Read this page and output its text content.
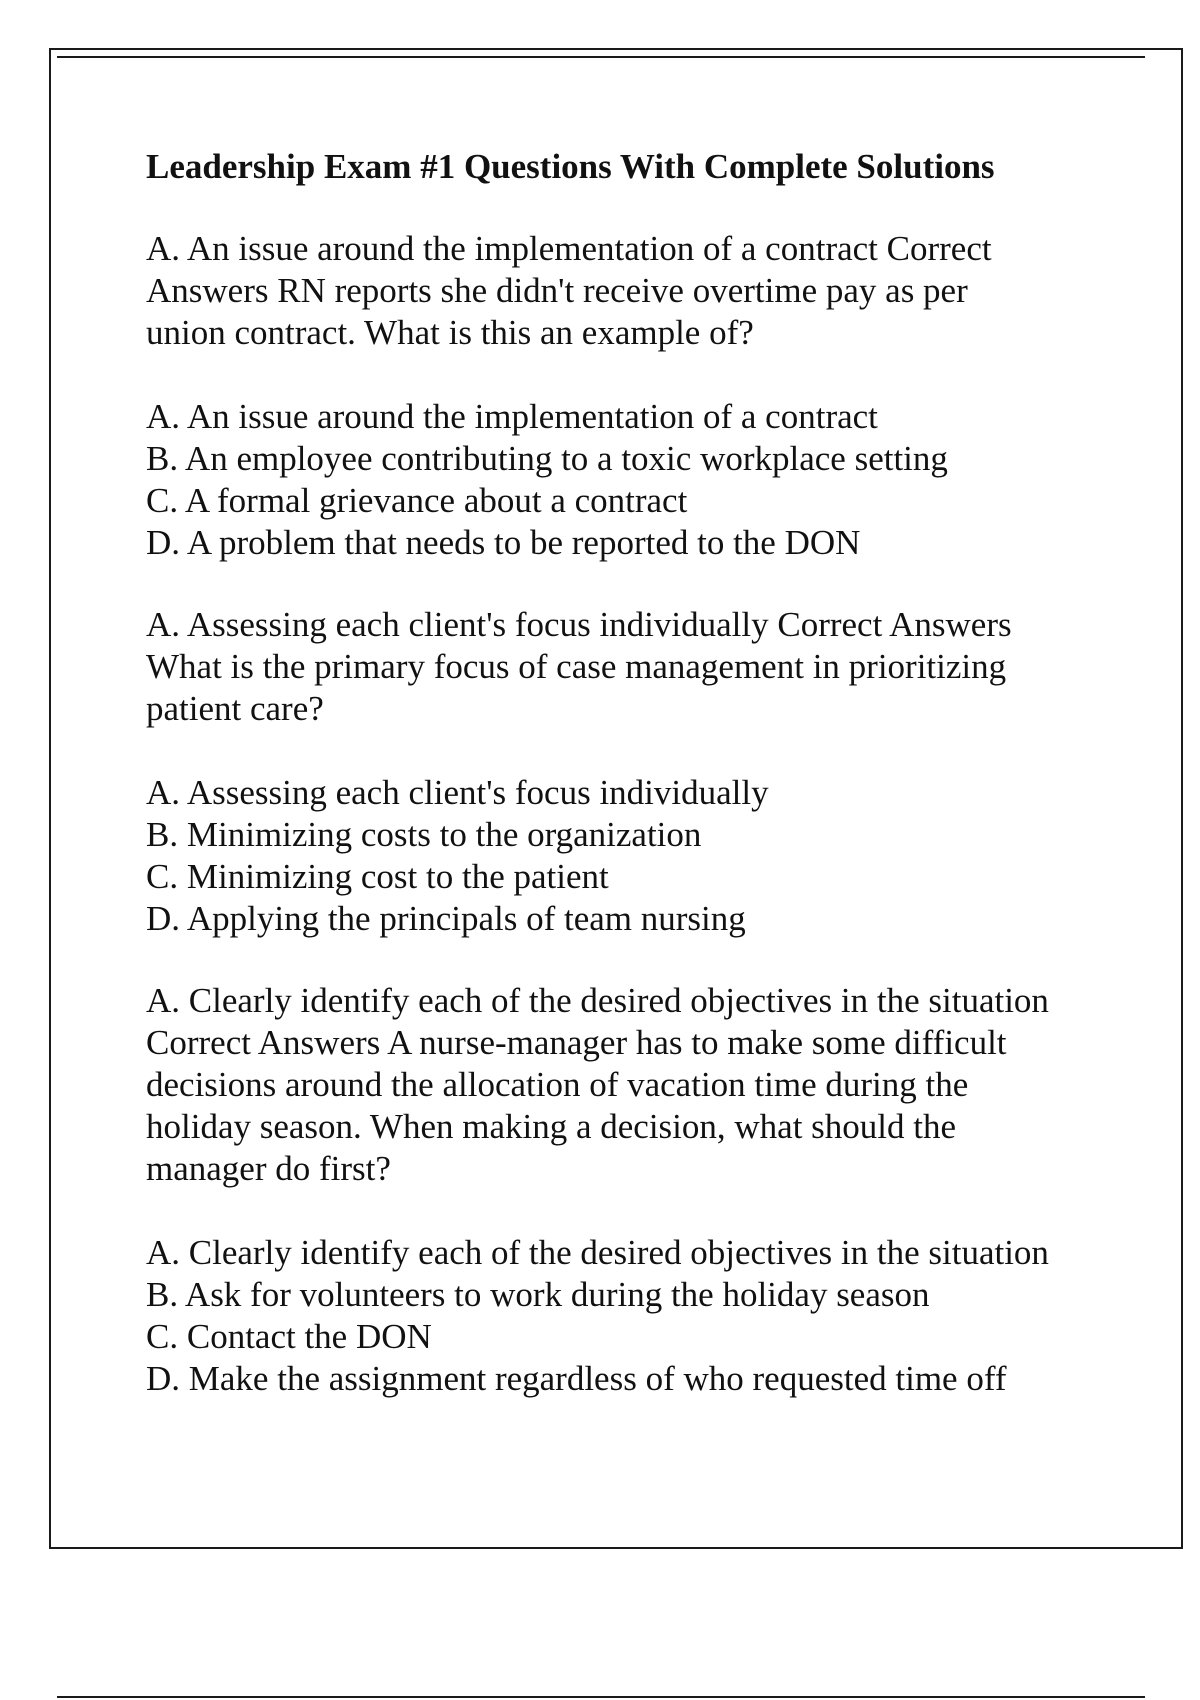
Leadership Exam #1 Questions With Complete Solutions

A. An issue around the implementation of a contract Correct
Answers RN reports she didn't receive overtime pay as per
union contract. What is this an example of?

A. An issue around the implementation of a contract

B. An employee contributing to a toxic workplace setting

C. A formal grievance about a contract

D. A problem that needs to be reported to the DON

A. Assessing each client's focus individually Correct Answers
What is the primary focus of case management in prioritizing
patient care?

A. Assessing each client's focus individually

B. Minimizing costs to the organization

C. Minimizing cost to the patient

D. Applying the principals of team nursing

A. Clearly identify each of the desired objectives in the situation
Correct Answers A nurse-manager has to make some difficult
decisions around the allocation of vacation time during the
holiday season. When making a decision, what should the
manager do first?

A. Clearly identify each of the desired objectives in the situation

B. Ask for volunteers to work during the holiday season

C. Contact the DON

D. Make the assignment regardless of who requested time off
